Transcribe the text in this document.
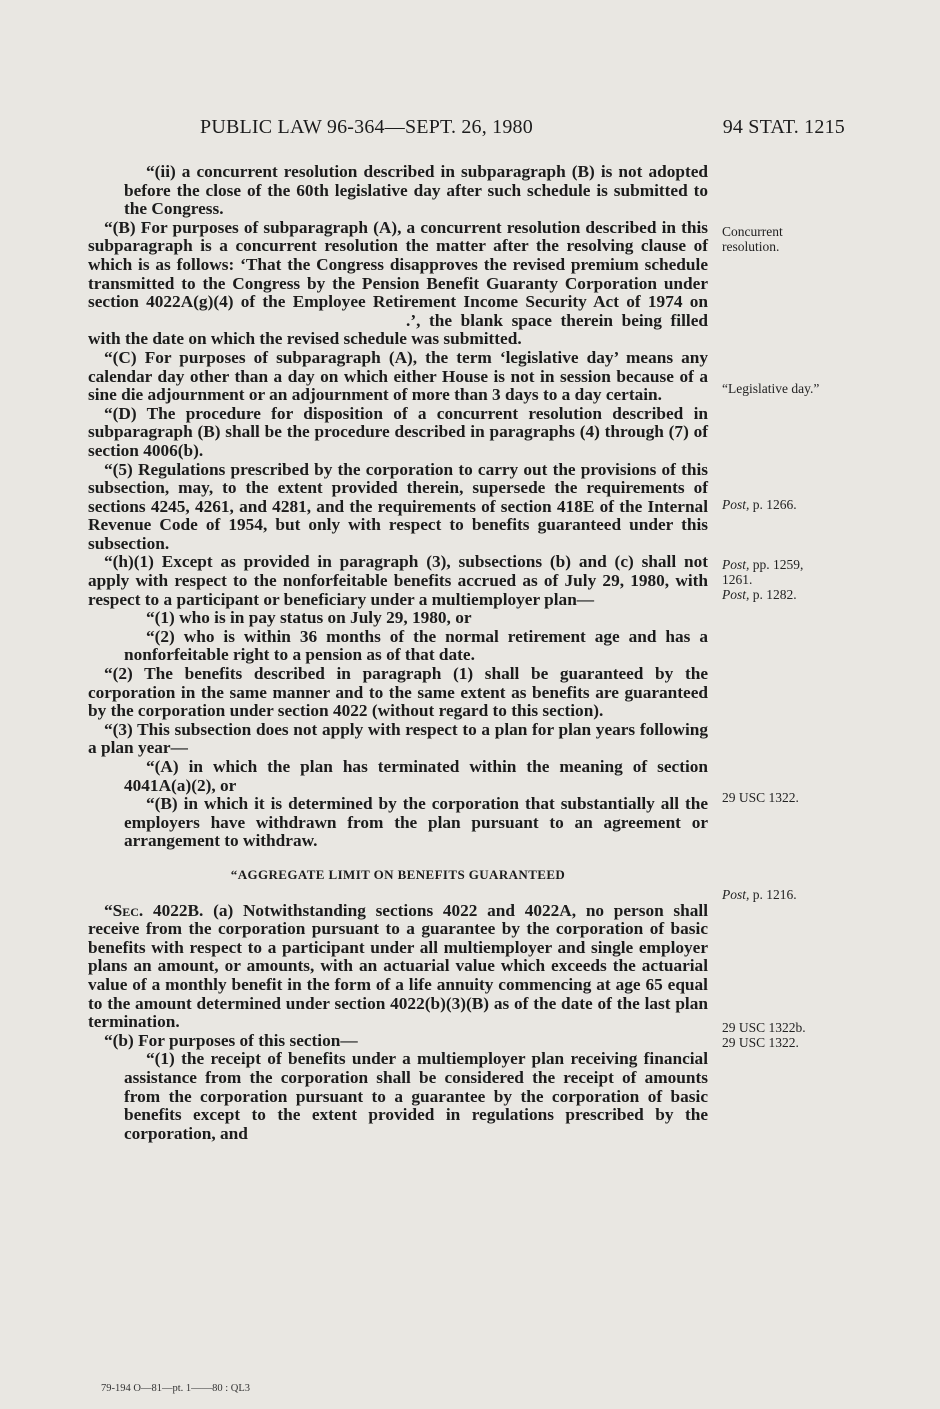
PUBLIC LAW 96-364—SEPT. 26, 1980	94 STAT. 1215

“(ii) a concurrent resolution described in subparagraph (B) is not adopted before the close of the 60th legislative day after such schedule is submitted to the Congress.

“(B) For purposes of subparagraph (A), a concurrent resolution described in this subparagraph is a concurrent resolution the matter after the resolving clause of which is as follows: ‘That the Congress disapproves the revised premium schedule transmitted to the Congress by the Pension Benefit Guaranty Corporation under section 4022A(g)(4) of the Employee Retirement Income Security Act of 1974 on.’, the blank space therein being filled with the date on which the revised schedule was submitted.

“(C) For purposes of subparagraph (A), the term ‘legislative day’ means any calendar day other than a day on which either House is not in session because of a sine die adjournment or an adjournment of more than 3 days to a day certain.

“(D) The procedure for disposition of a concurrent resolution described in subparagraph (B) shall be the procedure described in paragraphs (4) through (7) of section 4006(b).

“(5) Regulations prescribed by the corporation to carry out the provisions of this subsection, may, to the extent provided therein, supersede the requirements of sections 4245, 4261, and 4281, and the requirements of section 418E of the Internal Revenue Code of 1954, but only with respect to benefits guaranteed under this subsection.

“(h)(1) Except as provided in paragraph (3), subsections (b) and (c) shall not apply with respect to the nonforfeitable benefits accrued as of July 29, 1980, with respect to a participant or beneficiary under a multiemployer plan—

“(1) who is in pay status on July 29, 1980, or

“(2) who is within 36 months of the normal retirement age and has a nonforfeitable right to a pension as of that date.

“(2) The benefits described in paragraph (1) shall be guaranteed by the corporation in the same manner and to the same extent as benefits are guaranteed by the corporation under section 4022 (without regard to this section).

“(3) This subsection does not apply with respect to a plan for plan years following a plan year—

“(A) in which the plan has terminated within the meaning of section 4041A(a)(2), or

“(B) in which it is determined by the corporation that substantially all the employers have withdrawn from the plan pursuant to an agreement or arrangement to withdraw.

“AGGREGATE LIMIT ON BENEFITS GUARANTEED

“Sec. 4022B. (a) Notwithstanding sections 4022 and 4022A, no person shall receive from the corporation pursuant to a guarantee by the corporation of basic benefits with respect to a participant under all multiemployer and single employer plans an amount, or amounts, with an actuarial value which exceeds the actuarial value of a monthly benefit in the form of a life annuity commencing at age 65 equal to the amount determined under section 4022(b)(3)(B) as of the date of the last plan termination.

“(b) For purposes of this section—

“(1) the receipt of benefits under a multiemployer plan receiving financial assistance from the corporation shall be considered the receipt of amounts from the corporation pursuant to a guarantee by the corporation of basic benefits except to the extent provided in regulations prescribed by the corporation, and

Concurrent resolution.
“Legislative day.”
Post, p. 1266.
Post, pp. 1259, 1261.
Post, p. 1282.
29 USC 1322.
Post, p. 1216.
29 USC 1322b.
29 USC 1322.
79-194 O—81—pt. 1——80 : QL3
